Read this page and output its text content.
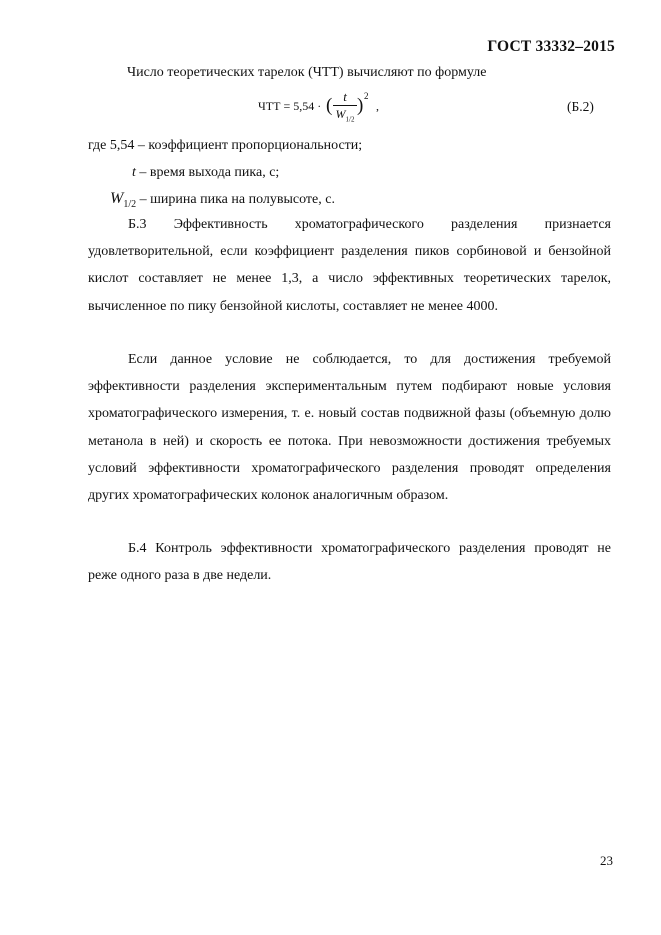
ГОСТ 33332–2015
Число теоретических тарелок (ЧТТ) вычисляют по формуле
ЧТТ = 5,54 · ( t
$W_{1/2}$
) 2
,	(Б.2)
где 5,54 – коэффициент пропорциональности;
t – время выхода пика, с;
$W_{1/2}$ – ширина пика на полувысоте, с.

Б.3 Эффективность хроматографического разделения признается удовлетворительной, если коэффициент разделения пиков сорбиновой и бензойной кислот составляет не менее 1,3, а число эффективных теоретических тарелок, вычисленное по пику бензойной кислоты, составляет не менее 4000.

Если данное условие не соблюдается, то для достижения требуемой эффективности разделения экспериментальным путем подбирают новые условия хроматографического измерения, т. е. новый состав подвижной фазы (объемную долю метанола в ней) и скорость ее потока. При невозможности достижения требуемых условий эффективности хроматографического разделения проводят определения других хроматографических колонок аналогичным образом.

Б.4 Контроль эффективности хроматографического разделения проводят не реже одного раза в две недели.

23
